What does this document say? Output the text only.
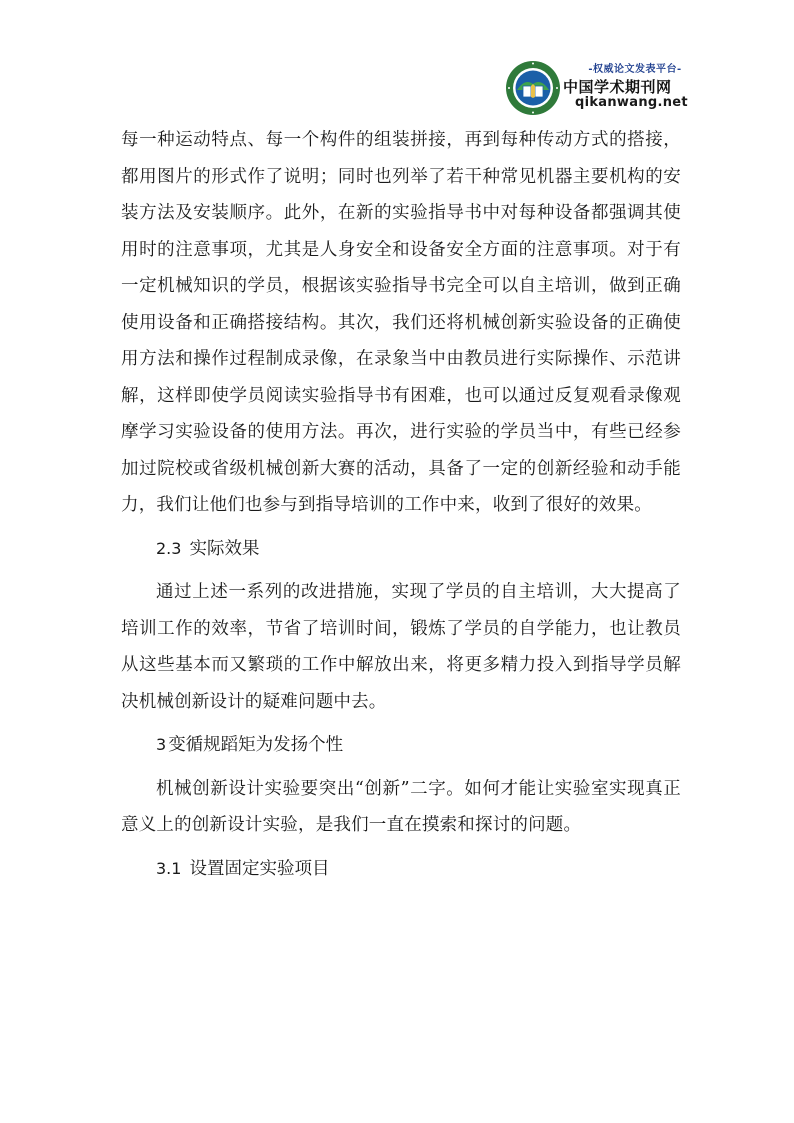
-权威论文发表平台-
中国学术期刊网
qikanwang.net

每一种运动特点、每一个构件的组装拼接，再到每种传动方式的搭接，都用图片的形式作了说明；同时也列举了若干种常见机器主要机构的安装方法及安装顺序。此外，在新的实验指导书中对每种设备都强调其使用时的注意事项，尤其是人身安全和设备安全方面的注意事项。对于有一定机械知识的学员，根据该实验指导书完全可以自主培训，做到正确使用设备和正确搭接结构。其次，我们还将机械创新实验设备的正确使用方法和操作过程制成录像，在录象当中由教员进行实际操作、示范讲解，这样即使学员阅读实验指导书有困难，也可以通过反复观看录像观摩学习实验设备的使用方法。再次，进行实验的学员当中，有些已经参加过院校或省级机械创新大赛的活动，具备了一定的创新经验和动手能力，我们让他们也参与到指导培训的工作中来，收到了很好的效果。

2.3 实际效果

通过上述一系列的改进措施，实现了学员的自主培训，大大提高了培训工作的效率，节省了培训时间，锻炼了学员的自学能力，也让教员从这些基本而又繁琐的工作中解放出来，将更多精力投入到指导学员解决机械创新设计的疑难问题中去。

3 变循规蹈矩为发扬个性

机械创新设计实验要突出“创新”二字。如何才能让实验室实现真正意义上的创新设计实验，是我们一直在摸索和探讨的问题。

3.1 设置固定实验项目
